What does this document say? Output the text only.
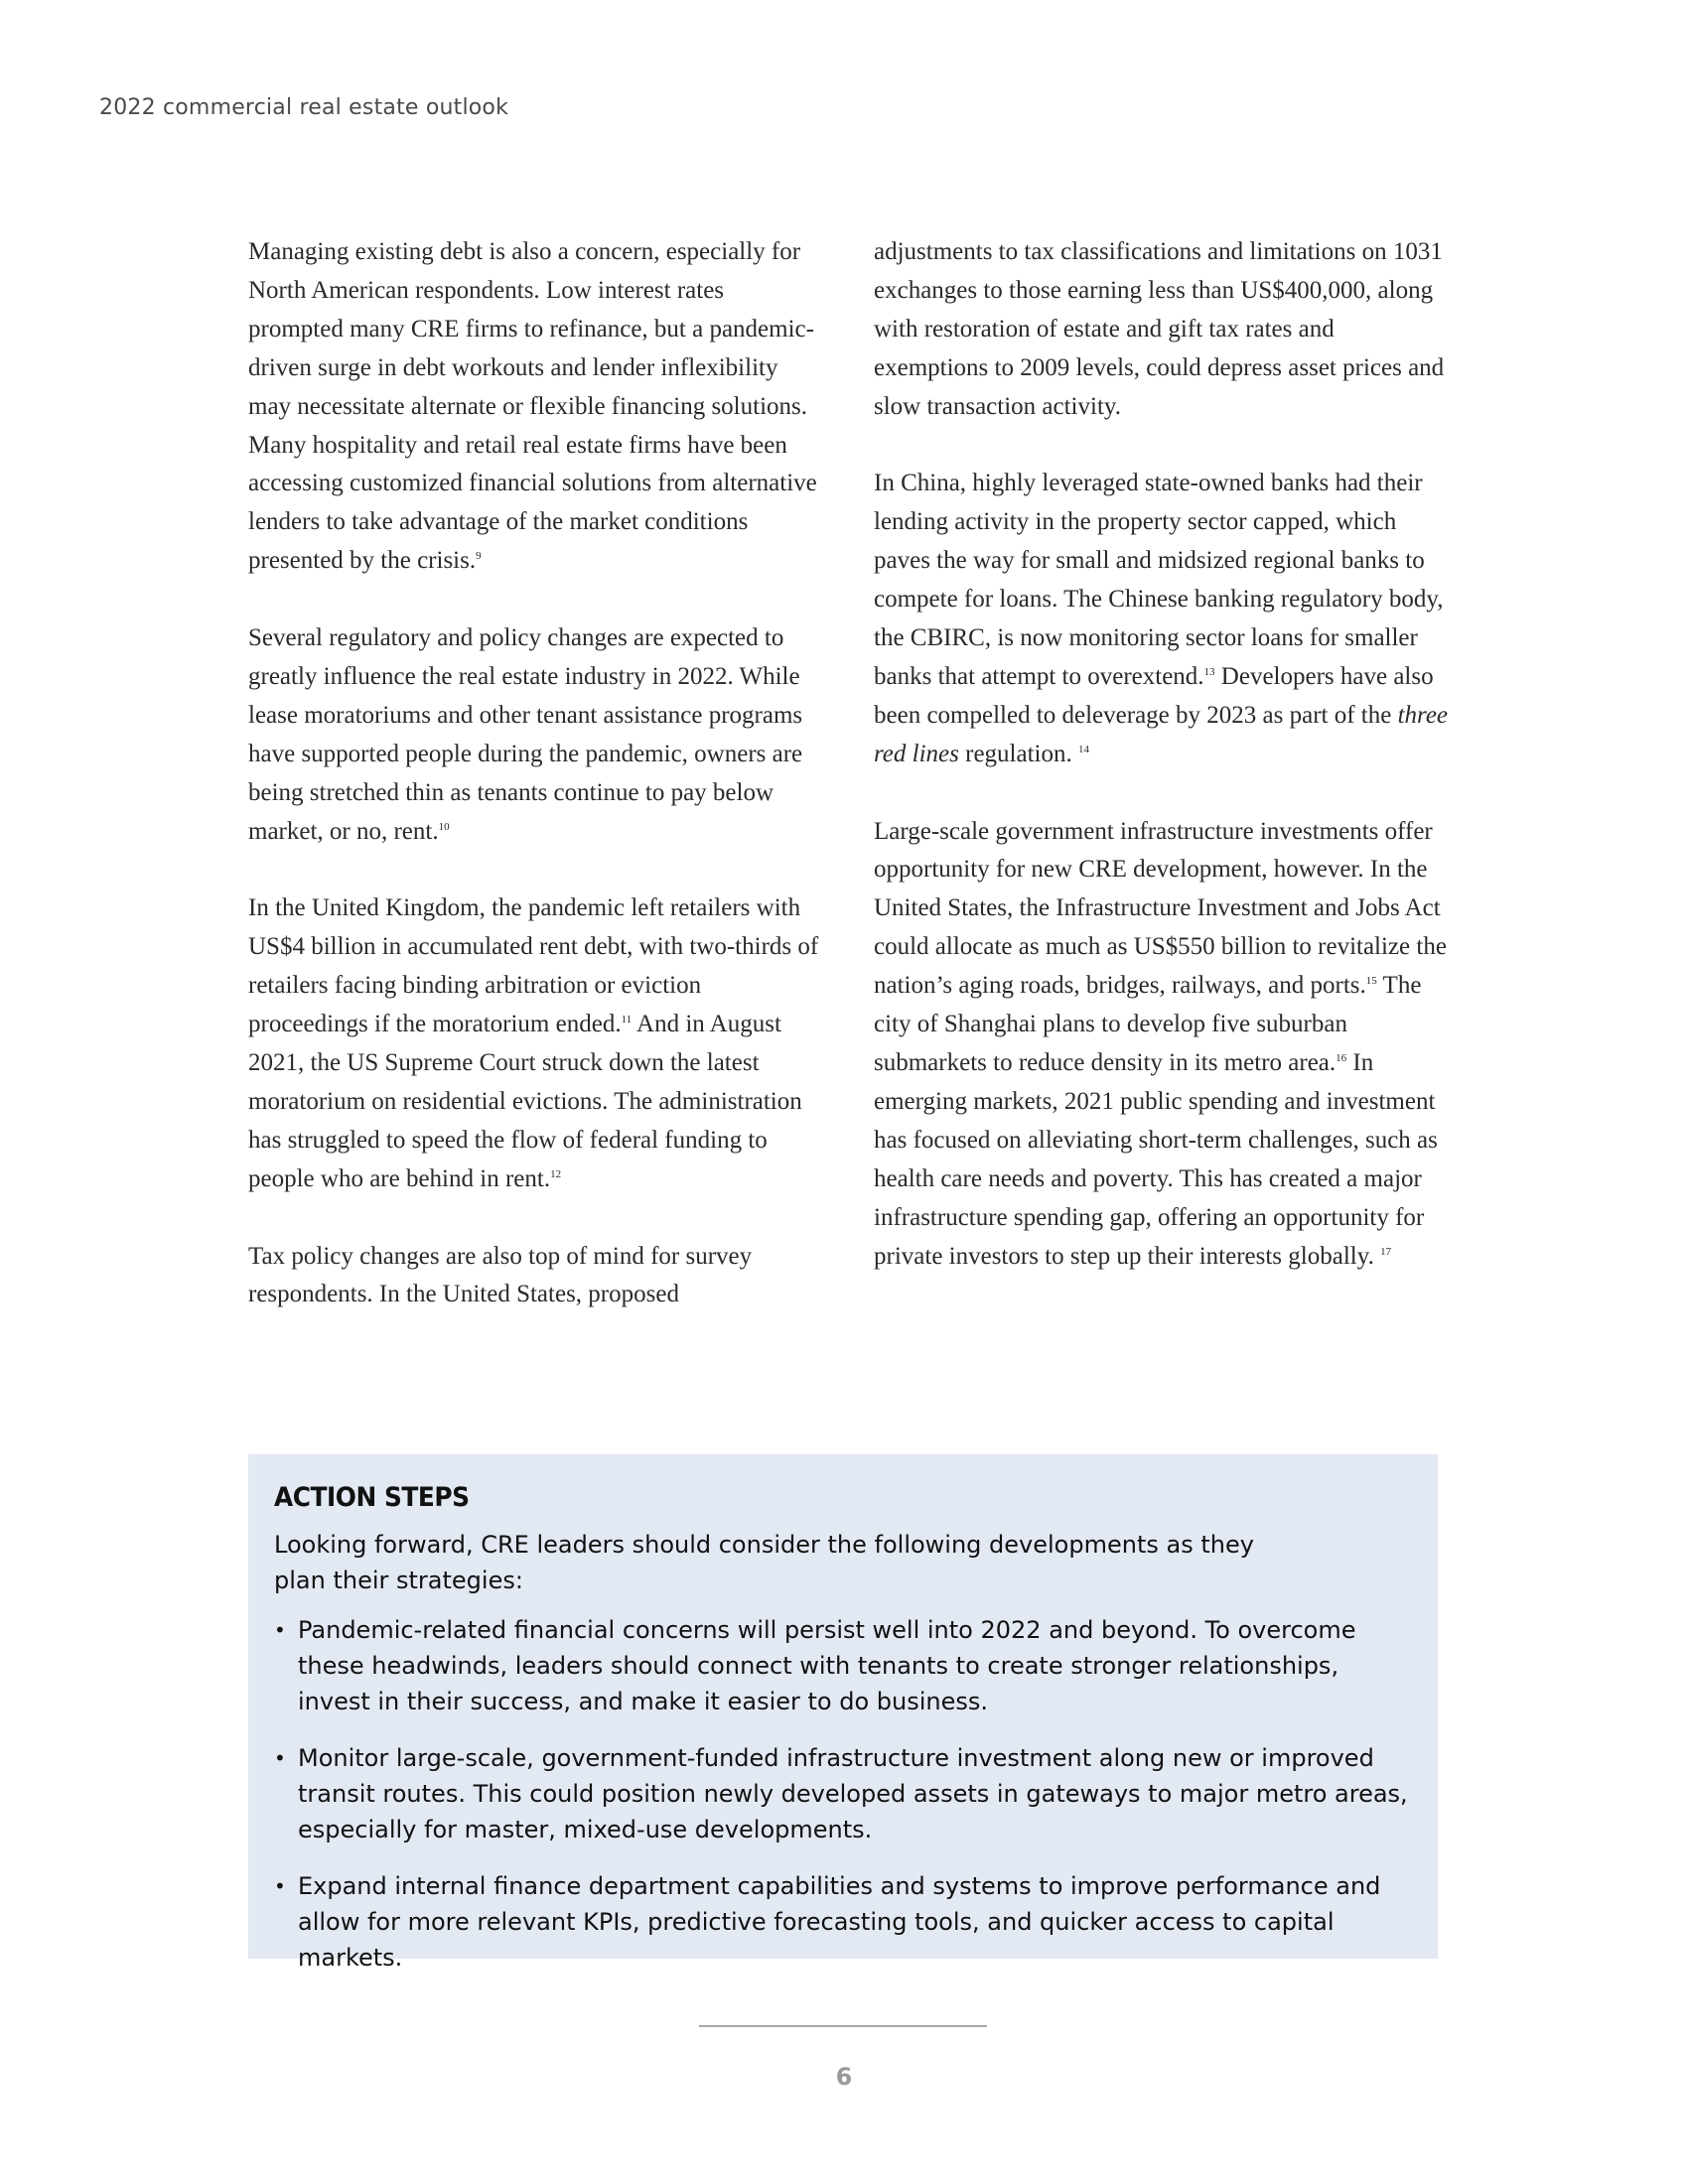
2022 commercial real estate outlook

Managing existing debt is also a concern, especially for North American respondents. Low interest rates prompted many CRE firms to refinance, but a pandemic-driven surge in debt workouts and lender inflexibility may necessitate alternate or flexible financing solutions. Many hospitality and retail real estate firms have been accessing customized financial solutions from alternative lenders to take advantage of the market conditions presented by the crisis.$^9$

Several regulatory and policy changes are expected to greatly influence the real estate industry in 2022. While lease moratoriums and other tenant assistance programs have supported people during the pandemic, owners are being stretched thin as tenants continue to pay below market, or no, rent.$^{10}$

In the United Kingdom, the pandemic left retailers with US$4 billion in accumulated rent debt, with two-thirds of retailers facing binding arbitration or eviction proceedings if the moratorium ended.$^{11}$ And in August 2021, the US Supreme Court struck down the latest moratorium on residential evictions. The administration has struggled to speed the flow of federal funding to people who are behind in rent.$^{12}$

Tax policy changes are also top of mind for survey respondents. In the United States, proposed

adjustments to tax classifications and limitations on 1031 exchanges to those earning less than US$400,000, along with restoration of estate and gift tax rates and exemptions to 2009 levels, could depress asset prices and slow transaction activity.

In China, highly leveraged state-owned banks had their lending activity in the property sector capped, which paves the way for small and midsized regional banks to compete for loans. The Chinese banking regulatory body, the CBIRC, is now monitoring sector loans for smaller banks that attempt to overextend.$^{13}$ Developers have also been compelled to deleverage by 2023 as part of the three red lines regulation. $^{14}$

Large-scale government infrastructure investments offer opportunity for new CRE development, however. In the United States, the Infrastructure Investment and Jobs Act could allocate as much as US$550 billion to revitalize the nation’s aging roads, bridges, railways, and ports.$^{15}$ The city of Shanghai plans to develop five suburban submarkets to reduce density in its metro area.$^{16}$ In emerging markets, 2021 public spending and investment has focused on alleviating short-term challenges, such as health care needs and poverty. This has created a major infrastructure spending gap, offering an opportunity for private investors to step up their interests globally. $^{17}$

ACTION STEPS
Looking forward, CRE leaders should consider the following developments as they plan their strategies:
• Pandemic-related financial concerns will persist well into 2022 and beyond. To overcome these headwinds, leaders should connect with tenants to create stronger relationships, invest in their success, and make it easier to do business.
• Monitor large-scale, government-funded infrastructure investment along new or improved transit routes. This could position newly developed assets in gateways to major metro areas, especially for master, mixed-use developments.
• Expand internal finance department capabilities and systems to improve performance and allow for more relevant KPIs, predictive forecasting tools, and quicker access to capital markets.
6
